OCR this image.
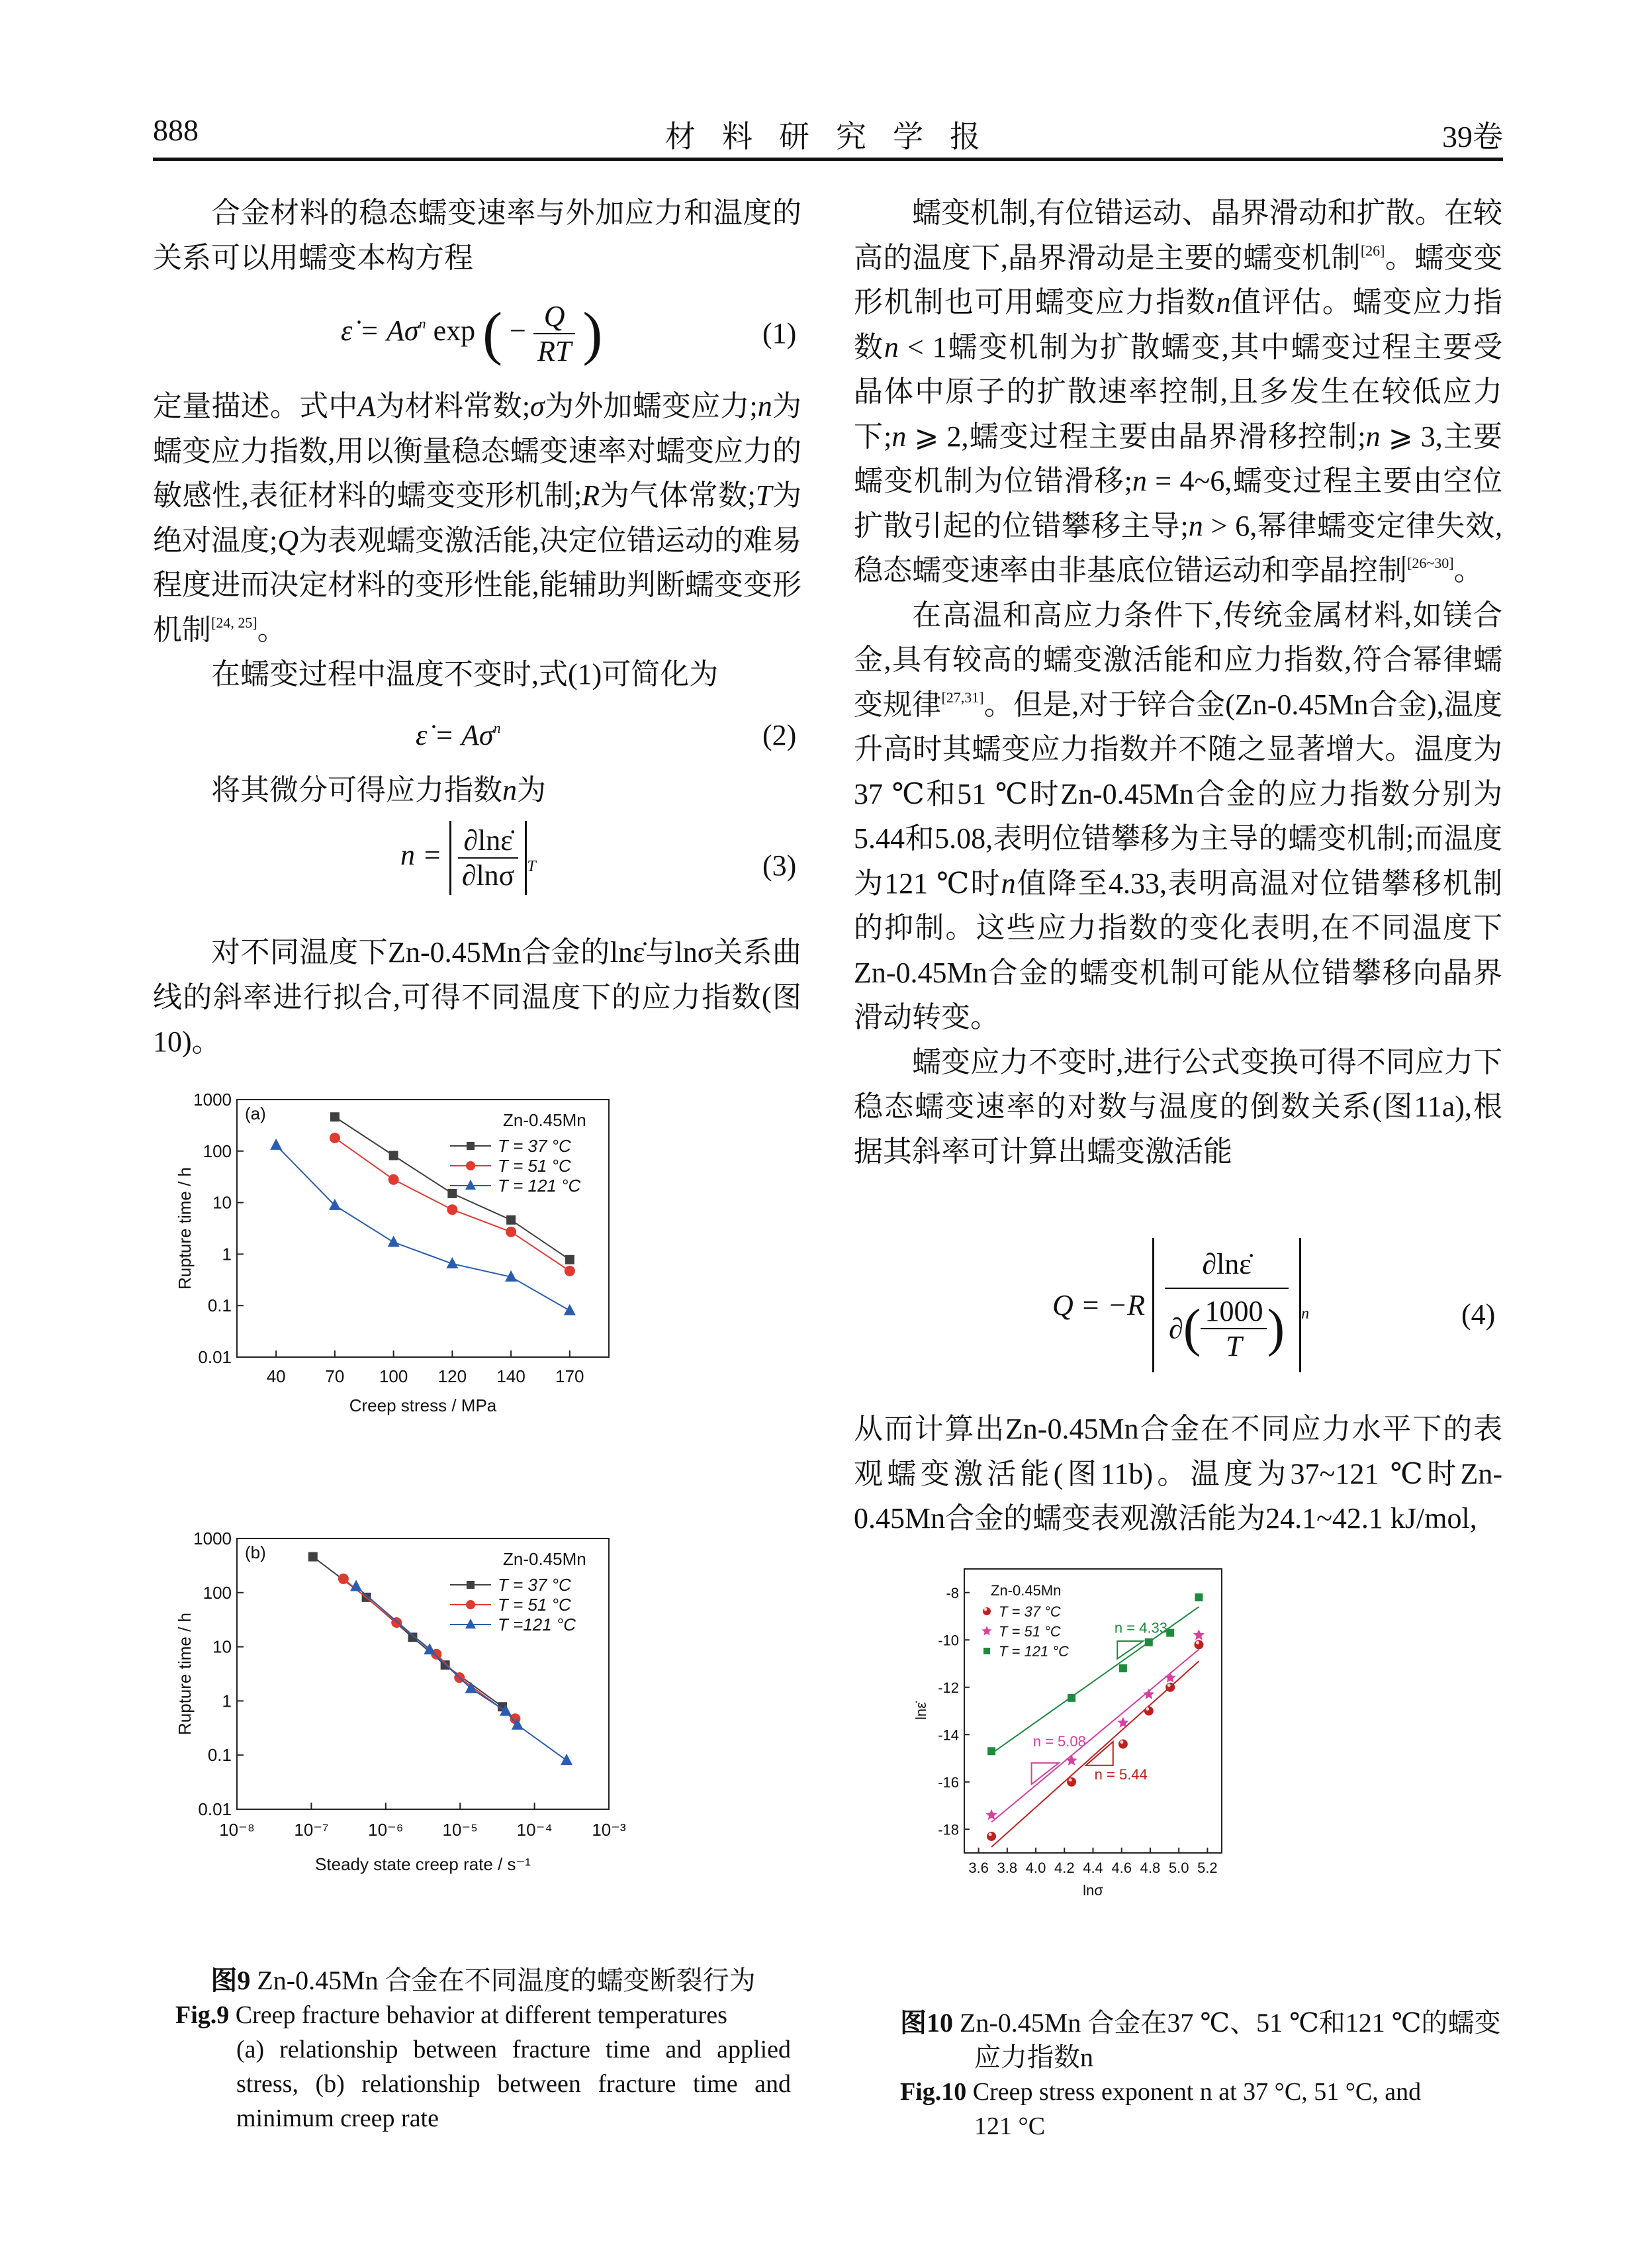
888	材料研究学报	39卷

合金材料的稳态蠕变速率与外加应力和温度的关系可以用蠕变本构方程

ε̇ = $A\sigma^n$ exp ( − $\frac{Q}{RT}$ )	(1)

定量描述。式中A为材料常数;σ为外加蠕变应力;n为蠕变应力指数,用以衡量稳态蠕变速率对蠕变应力的敏感性,表征材料的蠕变变形机制;R为气体常数;T为绝对温度;Q为表观蠕变激活能,决定位错运动的难易程度进而决定材料的变形性能,能辅助判断蠕变变形机制[24, 25]。

在蠕变过程中温度不变时,式(1)可简化为

ε̇ = $A\sigma^n$	(2)

将其微分可得应力指数n为

$n = \frac{\partial\ln\varepsiloṅ}{\partial\ln\sigma} _T$	(3)

对不同温度下Zn-0.45Mn合金的lnε̇与lnσ关系曲线的斜率进行拟合,可得不同温度下的应力指数(图10)。

0.01
0.1
1
10
100
1000
40 70 100 120 140 170
Creep stress / MPa
Rupture time / h
(a)	Zn-0.45Mn
T = 37 °C
T = 51 °C
T = 121 °C
0.01
0.1
1
10
100
1000
10⁻⁸ 10⁻⁷ 10⁻⁶ 10⁻⁵ 10⁻⁴ 10⁻³
Steady state creep rate / s⁻¹
Rupture time / h
(b)	Zn-0.45Mn
T = 37 °C
T = 51 °C
T =121 °C
图9 Zn-0.45Mn 合金在不同温度的蠕变断裂行为
Fig.9 Creep fracture behavior at different temperatures
(a) relationship between fracture time and applied stress, (b) relationship between fracture time and minimum creep rate

蠕变机制,有位错运动、晶界滑动和扩散。在较高的温度下,晶界滑动是主要的蠕变机制[26]。蠕变变形机制也可用蠕变应力指数n值评估。蠕变应力指数n < 1蠕变机制为扩散蠕变,其中蠕变过程主要受晶体中原子的扩散速率控制,且多发生在较低应力下;n ⩾ 2,蠕变过程主要由晶界滑移控制;n ⩾ 3,主要蠕变机制为位错滑移;n = 4~6,蠕变过程主要由空位扩散引起的位错攀移主导;n > 6,幂律蠕变定律失效,稳态蠕变速率由非基底位错运动和孪晶控制[26~30]。

在高温和高应力条件下,传统金属材料,如镁合金,具有较高的蠕变激活能和应力指数,符合幂律蠕变规律[27,31]。但是,对于锌合金(Zn-0.45Mn合金),温度升高时其蠕变应力指数并不随之显著增大。温度为37 ℃和51 ℃时Zn-0.45Mn合金的应力指数分别为5.44和5.08,表明位错攀移为主导的蠕变机制;而温度为121 ℃时n值降至4.33,表明高温对位错攀移机制的抑制。这些应力指数的变化表明,在不同温度下Zn-0.45Mn合金的蠕变机制可能从位错攀移向晶界滑动转变。

蠕变应力不变时,进行公式变换可得不同应力下稳态蠕变速率的对数与温度的倒数关系(图11a),根据其斜率可计算出蠕变激活能

$Q = -R \frac{\partial\ln\varepsiloṅ}{\partial( \frac{1000}{T} )} _n$	(4)

从而计算出Zn-0.45Mn合金在不同应力水平下的表观蠕变激活能(图11b)。温度为37~121 ℃时Zn-0.45Mn合金的蠕变表观激活能为24.1~42.1 kJ/mol,

3.6 3.8 4.0 4.2 4.4 4.6 4.8 5.0 5.2
-8
-10
-12
-14
-16
-18
lnσ
lnε̇
Zn-0.45Mn
T = 37 °C
T = 51 °C
T = 121 °C
n = 5.44
n = 5.08
n = 4.33
图10 Zn-0.45Mn 合金在37 ℃、51 ℃和121 ℃的蠕变
应力指数n
Fig.10 Creep stress exponent n at 37 °C, 51 °C, and
121 °C
